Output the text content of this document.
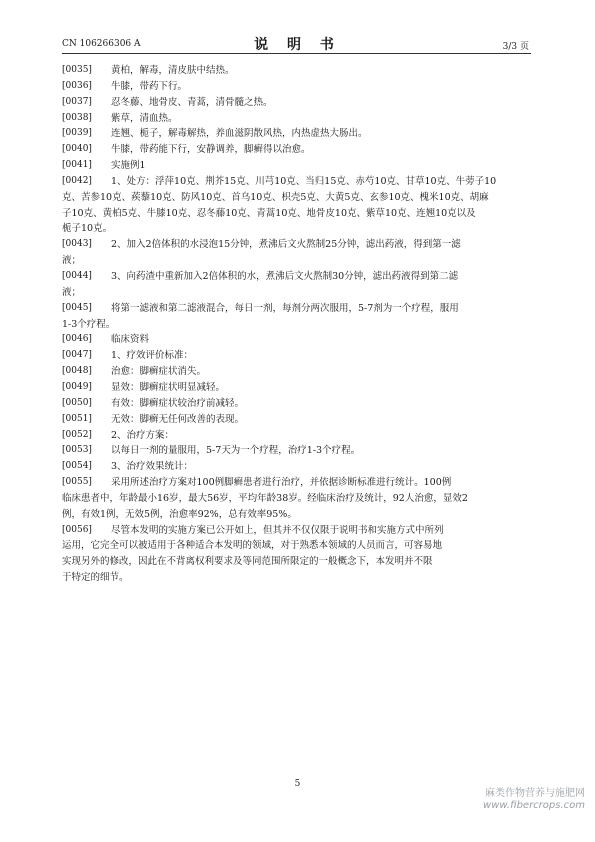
CN 106266306 A	说 明 书	3/3 页
[0035] 黄柏，解毒，清皮肤中结热。
[0036] 牛膝，带药下行。
[0037] 忍冬藤、地骨皮、青蒿，清骨髓之热。
[0038] 紫草，清血热。
[0039] 连翘、栀子，解毒解热，养血滋阴散风热，内热虚热大肠出。
[0040] 牛膝，带药能下行，安静调养，脚癣得以治愈。
[0041] 实施例1
[0042] 1、处方：浮萍10克、荆芥15克、川芎10克、当归15克、赤芍10克、甘草10克、牛蒡子10
克、苦参10克、蒺藜10克、防风10克、首乌10克、枳壳5克、大黄5克、玄参10克、槐米10克、胡麻
子10克、黄柏5克、牛膝10克、忍冬藤10克、青蒿10克、地骨皮10克、紫草10克、连翘10克以及
栀子10克。
[0043] 2、加入2倍体积的水浸泡15分钟，煮沸后文火熬制25分钟，滤出药液，得到第一滤
液；
[0044] 3、向药渣中重新加入2倍体积的水，煮沸后文火熬制30分钟，滤出药液得到第二滤
液；
[0045] 将第一滤液和第二滤液混合，每日一剂，每剂分两次服用，5-7剂为一个疗程，服用
1-3个疗程。
[0046] 临床资料
[0047] 1、疗效评价标准：
[0048] 治愈：脚癣症状消失。
[0049] 显效：脚癣症状明显减轻。
[0050] 有效：脚癣症状较治疗前减轻。
[0051] 无效：脚癣无任何改善的表现。
[0052] 2、治疗方案：
[0053] 以每日一剂的量服用，5-7天为一个疗程，治疗1-3个疗程。
[0054] 3、治疗效果统计：
[0055] 采用所述治疗方案对100例脚癣患者进行治疗，并依据诊断标准进行统计。100例
临床患者中，年龄最小16岁，最大56岁，平均年龄38岁。经临床治疗及统计，92人治愈，显效2
例，有效1例，无效5例，治愈率92%，总有效率95%。
[0056] 尽管本发明的实施方案已公开如上，但其并不仅仅限于说明书和实施方式中所列
运用，它完全可以被适用于各种适合本发明的领域，对于熟悉本领域的人员而言，可容易地
实现另外的修改，因此在不背离权利要求及等同范围所限定的一般概念下，本发明并不限
于特定的细节。
5
麻类作物营养与施肥网
www.fibercrops.com
